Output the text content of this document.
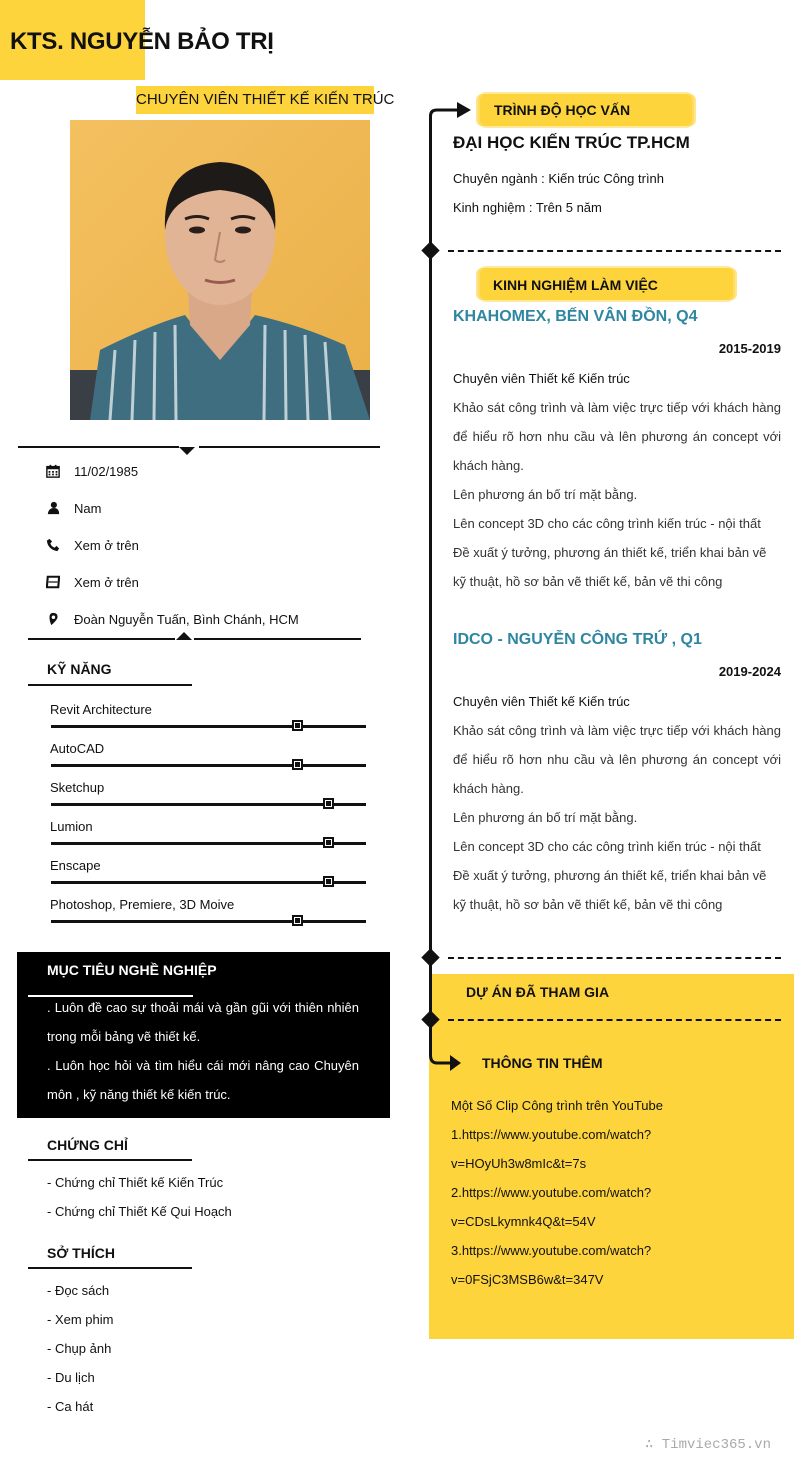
KTS. NGUYỄN BẢO TRỊ
CHUYÊN VIÊN THIẾT KẾ KIẾN TRÚC
11/02/1985
Nam
Xem ở trên
Xem ở trên
Đoàn Nguyễn Tuấn, Bình Chánh, HCM
KỸ NĂNG
Revit Architecture
AutoCAD
Sketchup
Lumion
Enscape
Photoshop, Premiere, 3D Moive
MỤC TIÊU NGHỀ NGHIỆP
. Luôn đề cao sự thoải mái và gần gũi với thiên nhiên trong mỗi bảng vẽ thiết kế.
. Luôn học hỏi và tìm hiểu cái mới nâng cao Chuyên môn , kỹ năng thiết kế kiến trúc.
CHỨNG CHỈ
- Chứng chỉ Thiết kế Kiến Trúc
- Chứng chỉ Thiết Kế Qui Hoạch
SỞ THÍCH
- Đọc sách
- Xem phim
- Chụp ảnh
- Du lịch
- Ca hát
TRÌNH ĐỘ HỌC VẤN
ĐẠI HỌC KIẾN TRÚC TP.HCM
Chuyên ngành : Kiến trúc Công trình
Kinh nghiệm : Trên 5 năm
KINH NGHIỆM LÀM VIỆC
KHAHOMEX, BẾN VÂN ĐỒN, Q4
2015-2019
Chuyên viên Thiết kế Kiến trúc
Khảo sát công trình và làm việc trực tiếp với khách hàng để hiểu rõ hơn nhu cầu và lên phương án concept với khách hàng.
Lên phương án bố trí mặt bằng.
Lên concept 3D cho các công trình kiến trúc - nội thất
Đề xuất ý tưởng, phương án thiết kế, triển khai bản vẽ kỹ thuật, hồ sơ bản vẽ thiết kế, bản vẽ thi công
IDCO - NGUYỄN CÔNG TRỨ , Q1
2019-2024
Chuyên viên Thiết kế Kiến trúc
Khảo sát công trình và làm việc trực tiếp với khách hàng để hiểu rõ hơn nhu cầu và lên phương án concept với khách hàng.
Lên phương án bố trí mặt bằng.
Lên concept 3D cho các công trình kiến trúc - nội thất
Đề xuất ý tưởng, phương án thiết kế, triển khai bản vẽ kỹ thuật, hồ sơ bản vẽ thiết kế, bản vẽ thi công
DỰ ÁN ĐÃ THAM GIA
THÔNG TIN THÊM
Một Số Clip Công trình trên YouTube
1.https://www.youtube.com/watch?
v=HOyUh3w8mIc&t=7s
2.https://www.youtube.com/watch?
v=CDsLkymnk4Q&t=54V
3.https://www.youtube.com/watch?
v=0FSjC3MSB6w&t=347V
∴ Timviec365.vn
